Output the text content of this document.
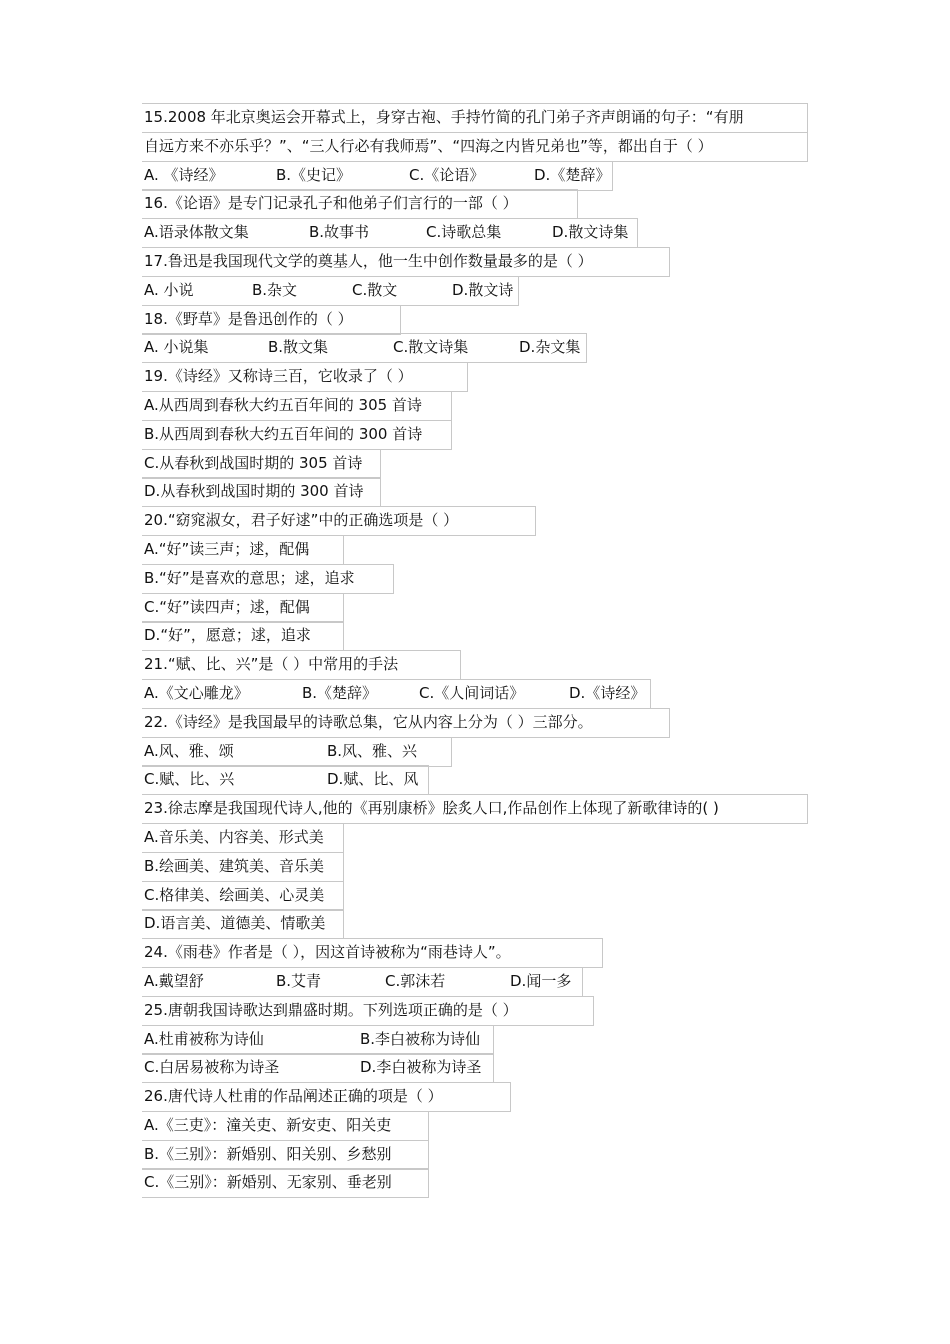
15.2008 年北京奥运会开幕式上，身穿古袍、手持竹简的孔门弟子齐声朗诵的句子：“有朋
自远方来不亦乐乎？”、“三人行必有我师焉”、“四海之内皆兄弟也”等，都出自于（ ）
A. 《诗经》	B.《史记》	C.《论语》	D.《楚辞》
16.《论语》是专门记录孔子和他弟子们言行的一部（ ）
A.语录体散文集	B.故事书	C.诗歌总集	D.散文诗集
17.鲁迅是我国现代文学的奠基人，他一生中创作数量最多的是（ ）
A. 小说	B.杂文	C.散文	D.散文诗
18.《野草》是鲁迅创作的（ ）
A. 小说集	B.散文集	C.散文诗集	D.杂文集
19.《诗经》又称诗三百，它收录了（ ）
A.从西周到春秋大约五百年间的 305 首诗
B.从西周到春秋大约五百年间的 300 首诗
C.从春秋到战国时期的 305 首诗
D.从春秋到战国时期的 300 首诗
20.“窈窕淑女，君子好逑”中的正确选项是（ ）
A.“好”读三声；逑，配偶
B.“好”是喜欢的意思；逑，追求
C.“好”读四声；逑，配偶
D.“好”，愿意；逑，追求
21.“赋、比、兴”是（ ）中常用的手法
A.《文心雕龙》	B.《楚辞》	C.《人间词话》	D.《诗经》
22.《诗经》是我国最早的诗歌总集，它从内容上分为（ ）三部分。
A.风、雅、颂	B.风、雅、兴
C.赋、比、兴	D.赋、比、风
23.徐志摩是我国现代诗人,他的《再别康桥》脍炙人口,作品创作上体现了新歌律诗的( )
A.音乐美、内容美、形式美
B.绘画美、建筑美、音乐美
C.格律美、绘画美、心灵美
D.语言美、道德美、情歌美
24.《雨巷》作者是（ ），因这首诗被称为“雨巷诗人”。
A.戴望舒	B.艾青	C.郭沫若	D.闻一多
25.唐朝我国诗歌达到鼎盛时期。下列选项正确的是（ ）
A.杜甫被称为诗仙	B.李白被称为诗仙
C.白居易被称为诗圣	D.李白被称为诗圣
26.唐代诗人杜甫的作品阐述正确的项是（ ）
A.《三吏》：潼关吏、新安吏、阳关吏
B.《三别》：新婚别、阳关别、乡愁别
C.《三别》：新婚别、无家别、垂老别
